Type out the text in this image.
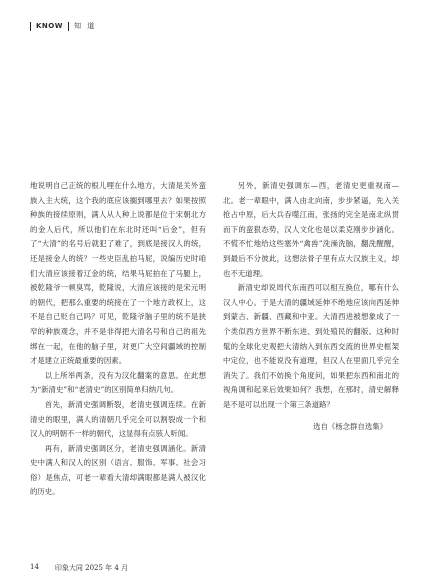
KNOW 知 道

地说明自己正统的根儿哩在什么地方，大清是关外蛮族入主大统，这个我的底应该搁到哪里去？如果按照种族的接续原则，满人从人种上说都是位于宋朝北方的金人后代，所以他们在东北时还叫“后金”，但有了“大清”的名号后就犯了难了，到底是接汉人的统，还是接金人的统？一些史臣乱拍马屁，说编历史时咱们大清应该接着辽金的统，结果马屁拍在了马腿上，被乾隆爷一顿臭骂，乾隆说，大清应该接的是宋元明的朝代，把那么重要的统接在了一个地方政权上，这不是自己贬自己吗？可见，乾隆爷脑子里的统不是狭窄的种族观念，并不是非得把大清名号和自己的祖先绑在一起，在他的脑子里，对更广大空间疆域的控制才是建立正统最重要的因素。

以上所举两条，没有为汉化翻案的意思。在此想为“新清史”和“老清史”的区别简单归纳几句。

首先，新清史强调断裂，老清史强调连续。在新清史的眼里，满人的清朝几乎完全可以割裂成一个和汉人的明朝不一样的朝代，这显得有点骇人听闻。

再有，新清史强调区分，老清史强调涵化。新清史中满人和汉人的区别（语言、服饰、军事、社会习俗）是焦点，可老一辈看大清却满眼都是满人被汉化的历史。

另外，新清史强调东—西，老清史更重视南—北。老一辈眼中，满人由北向南，步步紧逼，先入关抢占中原，后大兵吞噬江南，张扬的完全是南北纵贯而下的蛮狠态势，汉人文化也是以柔克刚步步涵化。不慌不忙地给这些塞外“禽兽”洗澡洗脑，翻洗醒醒，到最后不分彼此，这想法骨子里有点大汉族主义，却也不无道理。

新清史却说周代东南西可以相互换位，哪有什么汉人中心。于是大清的疆域延伸不绝地应该向西延伸到蒙古、新疆、西藏和中亚。大清西进被想象成了一个类似西方世界不断东进、到处殖民的翻版。这种时髦的全球化史观把大清纳入到东西交流的世界史框架中定位，也不能说没有道理，但汉人在里面几乎完全消失了。我们不妨换个角度问，如果把东西和南北的视角调和起来后效果如何？我想，在那时，清史解释是不是可以出现一个第三条道路？

选自《杨念群自选集》
14 印象大同 2025 年 4 月
